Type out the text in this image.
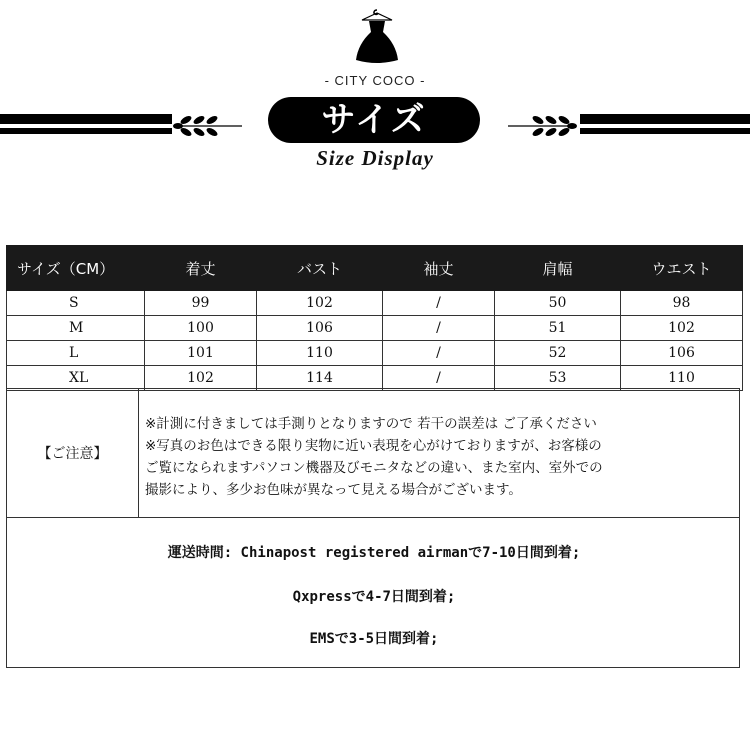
- CITY COCO -
サイズ
Size Display
サイズ（CM）	着丈	バスト	袖丈	肩幅	ウエスト
S	99	102	/	50	98
M	100	106	/	51	102
L	101	110	/	52	106
XL	102	114	/	53	110
【ご注意】
※計測に付きましては手測りとなりますので 若干の誤差は ご了承ください
※写真のお色はできる限り実物に近い表現を心がけておりますが、お客様の
ご覧になられますパソコン機器及びモニタなどの違い、また室内、室外での
撮影により、多少お色味が異なって見える場合がございます。
運送時間: Chinapost registered airmanで7-10日間到着;
Qxpressで4-7日間到着;
EMSで3-5日間到着;
